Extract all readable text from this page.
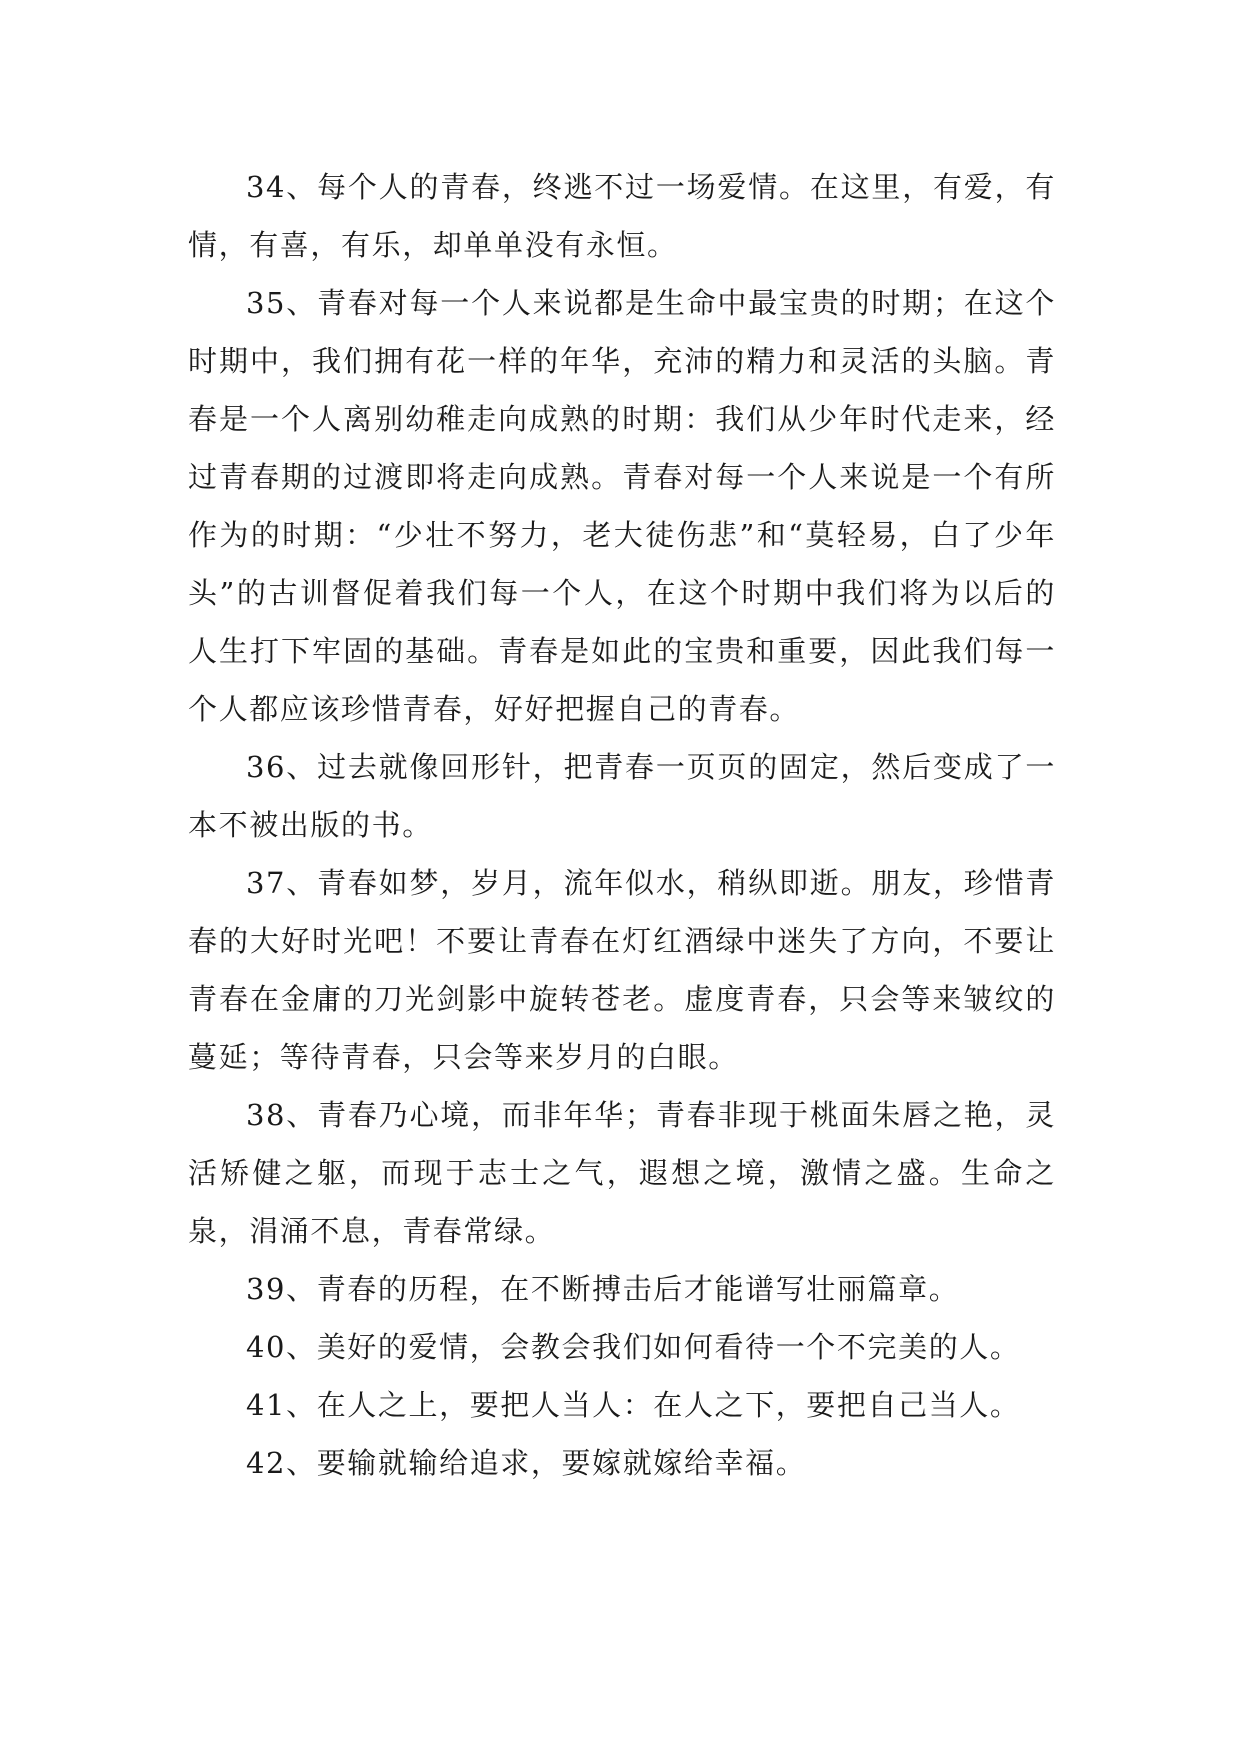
34、每个人的青春，终逃不过一场爱情。在这里，有爱，有情，有喜，有乐，却单单没有永恒。

35、青春对每一个人来说都是生命中最宝贵的时期；在这个时期中，我们拥有花一样的年华，充沛的精力和灵活的头脑。青春是一个人离别幼稚走向成熟的时期：我们从少年时代走来，经过青春期的过渡即将走向成熟。青春对每一个人来说是一个有所作为的时期：“少壮不努力，老大徒伤悲”和“莫轻易，白了少年头”的古训督促着我们每一个人，在这个时期中我们将为以后的人生打下牢固的基础。青春是如此的宝贵和重要，因此我们每一个人都应该珍惜青春，好好把握自己的青春。

36、过去就像回形针，把青春一页页的固定，然后变成了一本不被出版的书。

37、青春如梦，岁月，流年似水，稍纵即逝。朋友，珍惜青春的大好时光吧！不要让青春在灯红酒绿中迷失了方向，不要让青春在金庸的刀光剑影中旋转苍老。虚度青春，只会等来皱纹的蔓延；等待青春，只会等来岁月的白眼。

38、青春乃心境，而非年华；青春非现于桃面朱唇之艳，灵活矫健之躯，而现于志士之气，遐想之境，激情之盛。生命之泉，涓涌不息，青春常绿。

39、青春的历程，在不断搏击后才能谱写壮丽篇章。

40、美好的爱情，会教会我们如何看待一个不完美的人。

41、在人之上，要把人当人：在人之下，要把自己当人。

42、要输就输给追求，要嫁就嫁给幸福。
